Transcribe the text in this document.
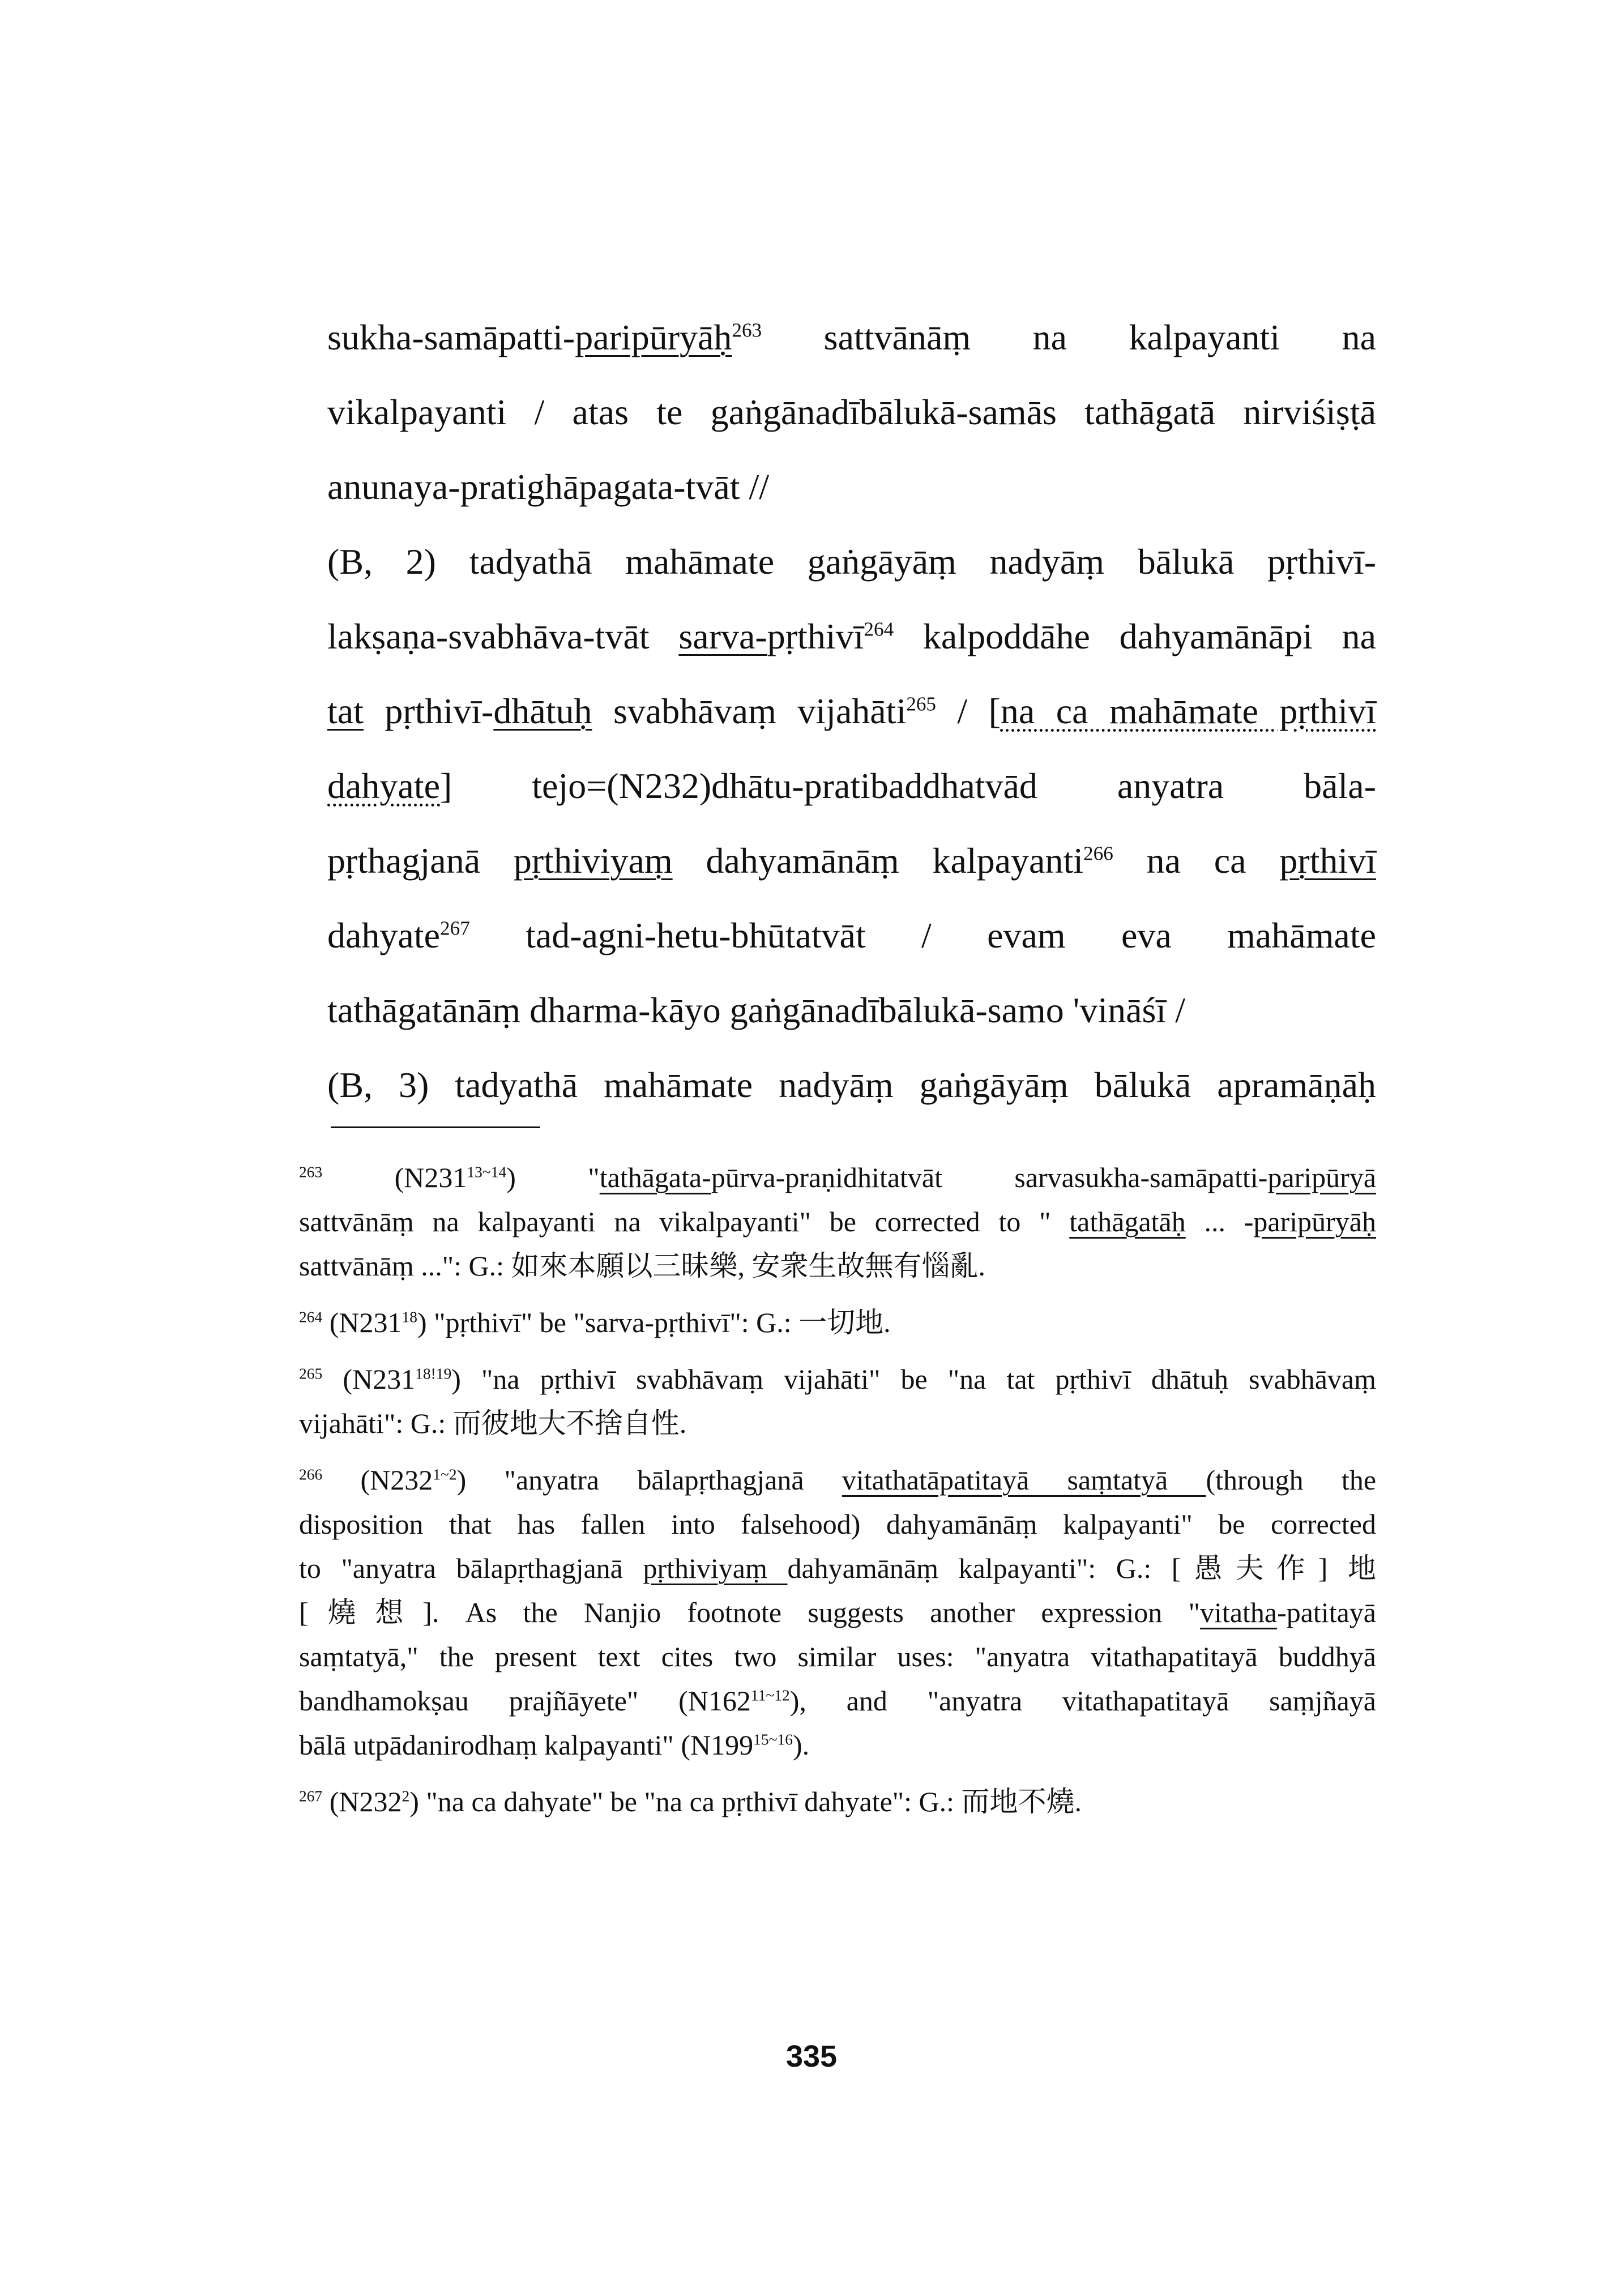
sukha-samāpatti-paripūryāḥ$^{263}$ sattvānāṃ na kalpayanti na
vikalpayanti / atas te gaṅgānadībālukā-samās tathāgatā nirviśiṣṭā
anunaya-pratighāpagata-tvāt //
(B, 2) tadyathā mahāmate gaṅgāyāṃ nadyāṃ bālukā pṛthivī-
lakṣaṇa-svabhāva-tvāt sarva-pṛthivī$^{264}$ kalpoddāhe dahyamānāpi na
tat pṛthivī-dhātuḥ svabhāvaṃ vijahāti$^{265}$ / [na ca mahāmate pṛthivī
dahyate] tejo=(N232)dhātu-pratibaddhatvād anyatra bāla-
pṛthagjanā pṛthiviyaṃ dahyamānāṃ kalpayanti$^{266}$ na ca pṛthivī
dahyate$^{267}$ tad-agni-hetu-bhūtatvāt / evam eva mahāmate
tathāgatānāṃ dharma-kāyo gaṅgānadībālukā-samo 'vināśī /
(B, 3) tadyathā mahāmate nadyāṃ gaṅgāyāṃ bālukā apramāṇāḥ
$^{263}$ $(N231^{13\sim 14})$ "tathāgata-pūrva-praṇidhitatvāt sarvasukha-samāpatti-paripūryā
sattvānāṃ na kalpayanti na vikalpayanti" be corrected to " tathāgatāḥ ... -paripūryāḥ
sattvānāṃ ...": G.: 如來本願以三昧樂, 安衆生故無有惱亂.
$^{264}$ $(N231^{18})$ "pṛthivī" be "sarva-pṛthivī": G.: 一切地.
$^{265}$ $(N231^{18!19})$ "na pṛthivī svabhāvaṃ vijahāti" be "na tat pṛthivī dhātuḥ svabhāvaṃ
vijahāti": G.: 而彼地大不捨自性.
$^{266}$ $(N232^{1\sim 2})$ "anyatra bālapṛthagjanā vitathatāpatitayā saṃtatyā (through the
disposition that has fallen into falsehood) dahyamānāṃ kalpayanti" be corrected
to "anyatra bālapṛthagjanā pṛthiviyaṃ dahyamānāṃ kalpayanti": G.: [愚夫作] 地
[燒想]. As the Nanjio footnote suggests another expression "vitatha-patitayā
saṃtatyā," the present text cites two similar uses: "anyatra vitathapatitayā buddhyā
bandhamokṣau prajñāyete" $(N162^{11\sim 12})$, and "anyatra vitathapatitayā saṃjñayā
bālā utpādanirodhaṃ kalpayanti" $(N199^{15\sim 16})$.
$^{267}$ $(N232^2)$ "na ca dahyate" be "na ca pṛthivī dahyate": G.: 而地不燒.
335
